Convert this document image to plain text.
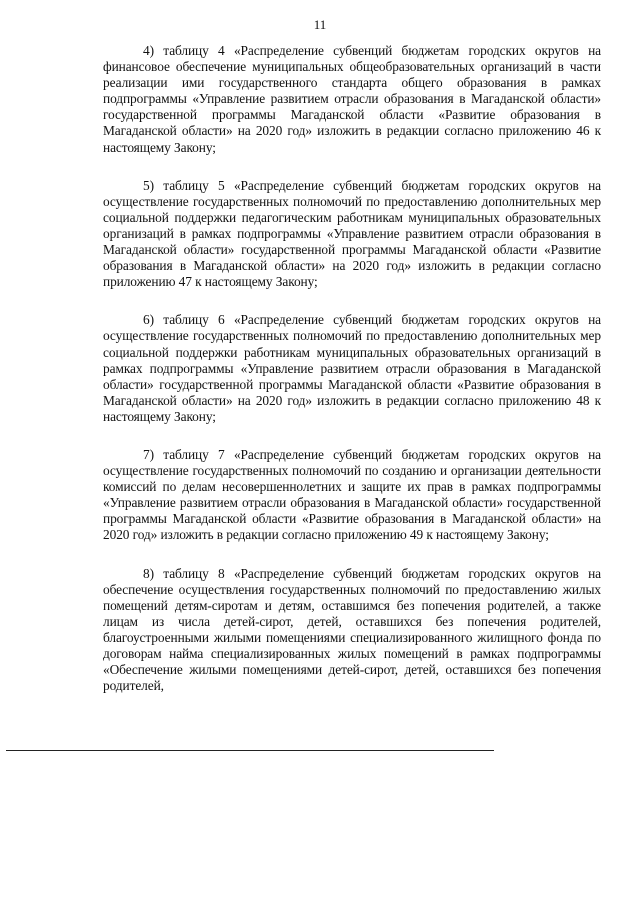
11

4) таблицу 4 «Распределение субвенций бюджетам городских округов на финансовое обеспечение муниципальных общеобразовательных организаций в части реализации ими государственного стандарта общего образования в рамках подпрограммы «Управление развитием отрасли образования в Магаданской области» государственной программы Магаданской области «Развитие образования в Магаданской области» на 2020 год» изложить в редакции согласно приложению 46 к настоящему Закону;

5) таблицу 5 «Распределение субвенций бюджетам городских округов на осуществление государственных полномочий по предоставлению дополнительных мер социальной поддержки педагогическим работникам муниципальных образовательных организаций в рамках подпрограммы «Управление развитием отрасли образования в Магаданской области» государственной программы Магаданской области «Развитие образования в Магаданской области» на 2020 год» изложить в редакции согласно приложению 47 к настоящему Закону;

6) таблицу 6 «Распределение субвенций бюджетам городских округов на осуществление государственных полномочий по предоставлению дополнительных мер социальной поддержки работникам муниципальных образовательных организаций в рамках подпрограммы «Управление развитием отрасли образования в Магаданской области» государственной программы Магаданской области «Развитие образования в Магаданской области» на 2020 год» изложить в редакции согласно приложению 48 к настоящему Закону;

7) таблицу 7 «Распределение субвенций бюджетам городских округов на осуществление государственных полномочий по созданию и организации деятельности комиссий по делам несовершеннолетних и защите их прав в рамках подпрограммы «Управление развитием отрасли образования в Магаданской области» государственной программы Магаданской области «Развитие образования в Магаданской области» на 2020 год» изложить в редакции согласно приложению 49 к настоящему Закону;

8) таблицу 8 «Распределение субвенций бюджетам городских округов на обеспечение осуществления государственных полномочий по предоставлению жилых помещений детям-сиротам и детям, оставшимся без попечения родителей, а также лицам из числа детей-сирот, детей, оставшихся без попечения родителей, благоустроенными жилыми помещениями специализированного жилищного фонда по договорам найма специализированных жилых помещений в рамках подпрограммы «Обеспечение жилыми помещениями детей-сирот, детей, оставшихся без попечения родителей,
